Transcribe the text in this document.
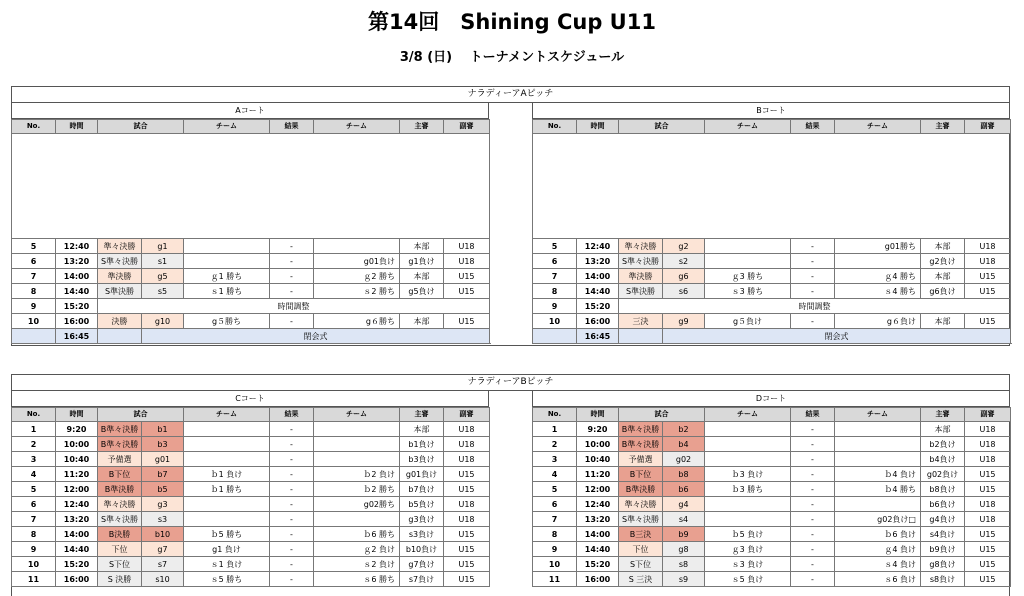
第14回　Shining Cup U11
3/8 (日)　 トーナメントスケジュール
ナラディーアAピッチ
Aコート
No.	時間	試合		チーム	結果	チーム	主審	副審

5	12:40	準々決勝	g1		-		本部	U18
6	13:20	S準々決勝	s1		-	g01負け	g1負け	U18
7	14:00	準決勝	g5	ｇ1 勝ち	-	ｇ2 勝ち	本部	U15
8	14:40	S準決勝	s5	ｓ1 勝ち	-	ｓ2 勝ち	g5負け	U15
9	15:20	時間調整						
10	16:00	決勝	g10	g５勝ち	-	g６勝ち	本部	U15
	16:45		閉会式					
Bコート
No.	時間	試合		チーム	結果	チーム	主審	副審

5	12:40	準々決勝	g2		-	g01勝ち	本部	U18
6	13:20	S準々決勝	s2		-		g2負け	U18
7	14:00	準決勝	g6	ｇ3 勝ち	-	ｇ4 勝ち	本部	U15
8	14:40	S準決勝	s6	ｓ3 勝ち	-	ｓ4 勝ち	g6負け	U15
9	15:20	時間調整						
10	16:00	三決	g9	g５負け	-	g６負け	本部	U15
	16:45		閉会式					
ナラディーアBピッチ
Cコート
No.	時間	試合		チーム	結果	チーム	主審	副審
1	9:20	B準々決勝	b1		-		本部	U18
2	10:00	B準々決勝	b3		-		b1負け	U18
3	10:40	予備選	g01		-		b3負け	U18
4	11:20	B下位	b7	ｂ1 負け	-	ｂ2 負け	g01負け	U15
5	12:00	B準決勝	b5	ｂ1 勝ち	-	ｂ2 勝ち	b7負け	U15
6	12:40	準々決勝	g3		-	g02勝ち	b5負け	U18
7	13:20	S準々決勝	s3		-		g3負け	U18
8	14:00	B決勝	b10	ｂ5 勝ち	-	ｂ6 勝ち	s3負け	U15
9	14:40	下位	g7	g1 負け	-	ｇ2 負け	b10負け	U15
10	15:20	S下位	s7	ｓ1 負け	-	ｓ2 負け	g7負け	U15
11	16:00	S 決勝	s10	ｓ5 勝ち	-	ｓ6 勝ち	s7負け	U15
Dコート
No.	時間	試合		チーム	結果	チーム	主審	副審
1	9:20	B準々決勝	b2		-		本部	U18
2	10:00	B準々決勝	b4		-		b2負け	U18
3	10:40	予備選	g02		-		b4負け	U18
4	11:20	B下位	b8	ｂ3 負け	-	ｂ4 負け	g02負け	U15
5	12:00	B準決勝	b6	ｂ3 勝ち	-	ｂ4 勝ち	b8負け	U15
6	12:40	準々決勝	g4		-		b6負け	U18
7	13:20	S準々決勝	s4		-	g02負け□	g4負け	U18
8	14:00	B三決	b9	ｂ5 負け	-	ｂ6 負け	s4負け	U15
9	14:40	下位	g8	ｇ3 負け	-	ｇ4 負け	b9負け	U15
10	15:20	S下位	s8	ｓ3 負け	-	ｓ4 負け	g8負け	U15
11	16:00	S 三決	s9	ｓ5 負け	-	ｓ6 負け	s8負け	U15
